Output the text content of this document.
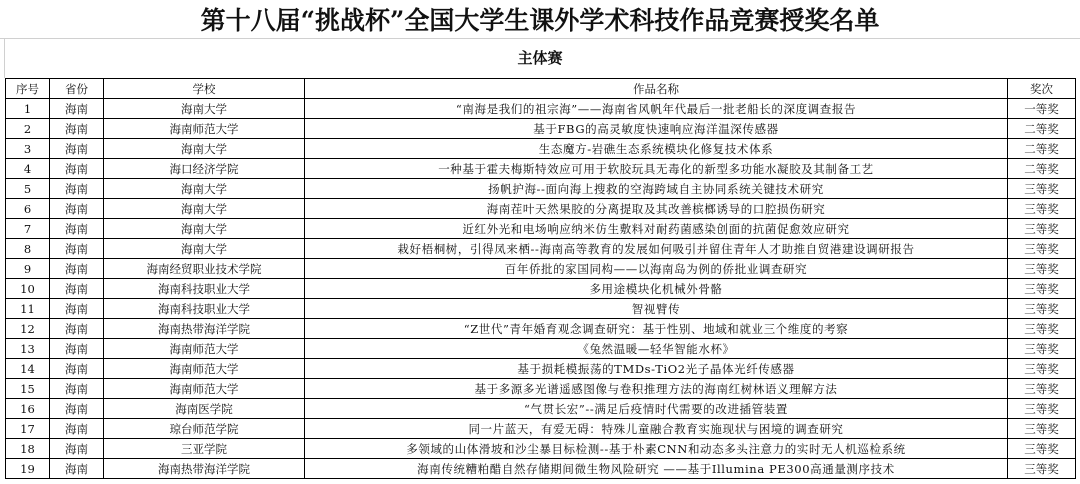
第十八届“挑战杯”全国大学生课外学术科技作品竞赛授奖名单
主体赛
序号	省份	学校	作品名称	奖次
1	海南	海南大学	“南海是我们的祖宗海”——海南省风帆年代最后一批老船长的深度调查报告	一等奖
2	海南	海南师范大学	基于FBG的高灵敏度快速响应海洋温深传感器	二等奖
3	海南	海南大学	生态魔方-岩礁生态系统模块化修复技术体系	二等奖
4	海南	海口经济学院	一种基于霍夫梅斯特效应可用于软胶玩具无毒化的新型多功能水凝胶及其制备工艺	二等奖
5	海南	海南大学	扬帆护海--面向海上搜救的空海跨域自主协同系统关键技术研究	三等奖
6	海南	海南大学	海南茬叶天然果胶的分离提取及其改善槟榔诱导的口腔损伤研究	三等奖
7	海南	海南大学	近红外光和电场响应纳米仿生敷料对耐药菌感染创面的抗菌促愈效应研究	三等奖
8	海南	海南大学	栽好梧桐树，引得凤来栖--海南高等教育的发展如何吸引并留住青年人才助推自贸港建设调研报告	三等奖
9	海南	海南经贸职业技术学院	百年侨批的家国同构——以海南岛为例的侨批业调查研究	三等奖
10	海南	海南科技职业大学	多用途模块化机械外骨骼	三等奖
11	海南	海南科技职业大学	智视臂传	三等奖
12	海南	海南热带海洋学院	“Z世代”青年婚育观念调查研究：基于性别、地域和就业三个维度的考察	三等奖
13	海南	海南师范大学	《兔然温暖—轻华智能水杯》	三等奖
14	海南	海南师范大学	基于损耗模振荡的TMDs-TiO2光子晶体光纤传感器	三等奖
15	海南	海南师范大学	基于多源多光谱遥感图像与卷积推理方法的海南红树林语义理解方法	三等奖
16	海南	海南医学院	“气贯长宏”--满足后疫情时代需要的改进插管装置	三等奖
17	海南	琼台师范学院	同一片蓝天，有爱无碍：特殊儿童融合教育实施现状与困境的调查研究	三等奖
18	海南	三亚学院	多领域的山体滑坡和沙尘暴目标检测--基于朴素CNN和动态多头注意力的实时无人机巡检系统	三等奖
19	海南	海南热带海洋学院	海南传统糟粕醋自然存储期间微生物风险研究 ——基于Illumina PE300高通量测序技术	三等奖
